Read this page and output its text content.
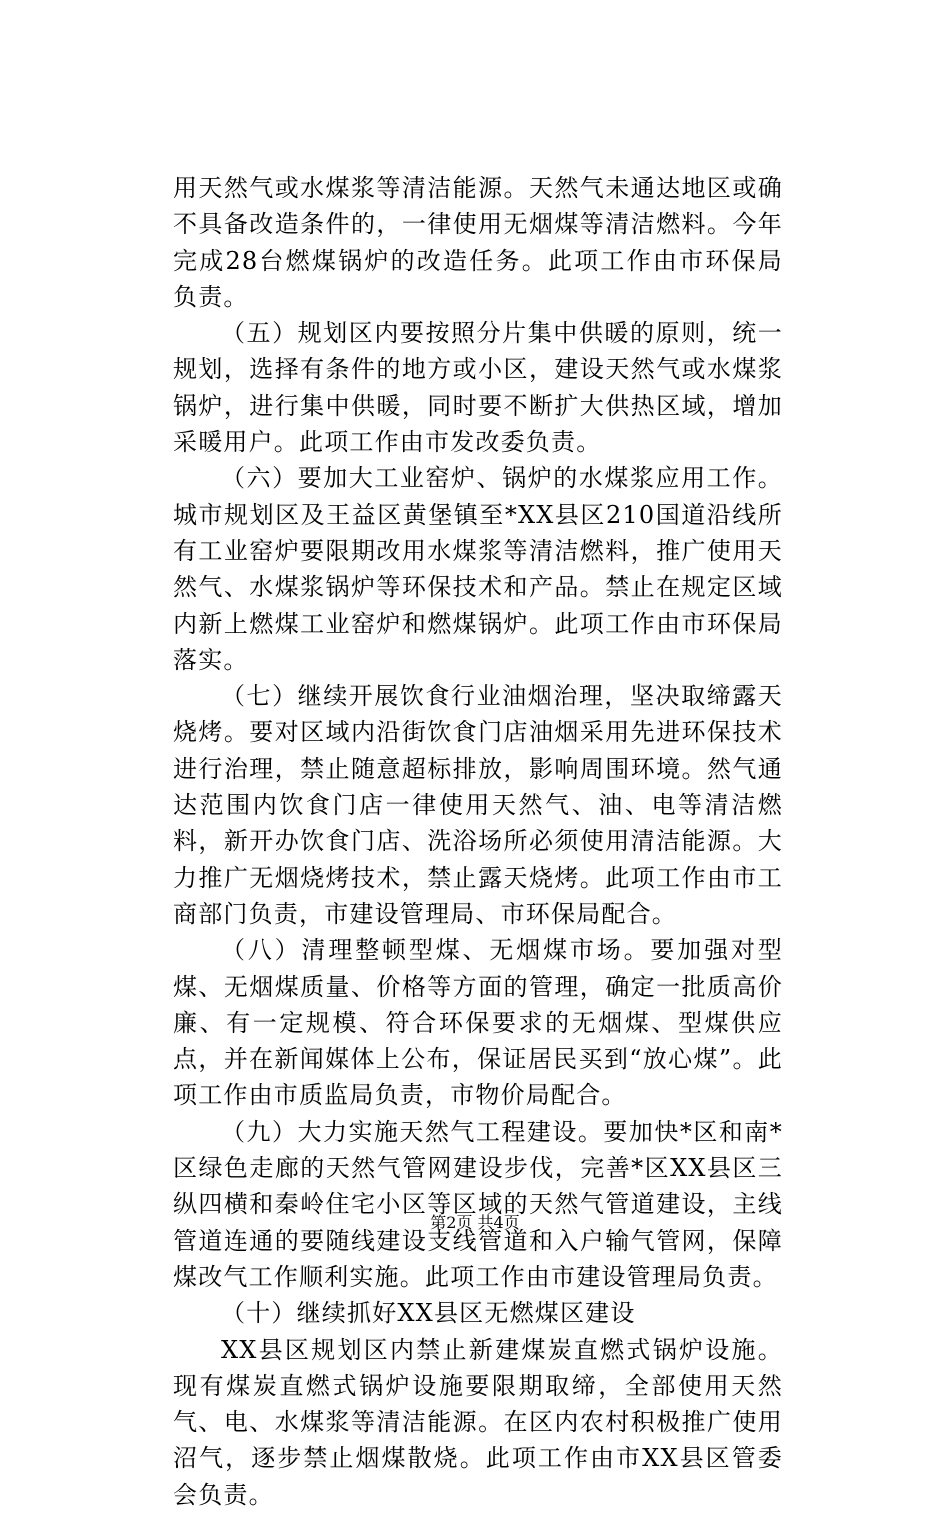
用天然气或水煤浆等清洁能源。天然气未通达地区或确不具备改造条件的，一律使用无烟煤等清洁燃料。今年完成28台燃煤锅炉的改造任务。此项工作由市环保局负责。

（五）规划区内要按照分片集中供暖的原则，统一规划，选择有条件的地方或小区，建设天然气或水煤浆锅炉，进行集中供暖，同时要不断扩大供热区域，增加采暖用户。此项工作由市发改委负责。

（六）要加大工业窑炉、锅炉的水煤浆应用工作。城市规划区及王益区黄堡镇至*XX县区210国道沿线所有工业窑炉要限期改用水煤浆等清洁燃料，推广使用天然气、水煤浆锅炉等环保技术和产品。禁止在规定区域内新上燃煤工业窑炉和燃煤锅炉。此项工作由市环保局落实。

（七）继续开展饮食行业油烟治理，坚决取缔露天烧烤。要对区域内沿街饮食门店油烟采用先进环保技术进行治理，禁止随意超标排放，影响周围环境。然气通达范围内饮食门店一律使用天然气、油、电等清洁燃料，新开办饮食门店、洗浴场所必须使用清洁能源。大力推广无烟烧烤技术，禁止露天烧烤。此项工作由市工商部门负责，市建设管理局、市环保局配合。

（八）清理整顿型煤、无烟煤市场。要加强对型煤、无烟煤质量、价格等方面的管理，确定一批质高价廉、有一定规模、符合环保要求的无烟煤、型煤供应点，并在新闻媒体上公布，保证居民买到“放心煤”。此项工作由市质监局负责，市物价局配合。

（九）大力实施天然气工程建设。要加快*区和南*区绿色走廊的天然气管网建设步伐，完善*区XX县区三纵四横和秦岭住宅小区等区域的天然气管道建设，主线管道连通的要随线建设支线管道和入户输气管网，保障煤改气工作顺利实施。此项工作由市建设管理局负责。

（十）继续抓好XX县区无燃煤区建设

XX县区规划区内禁止新建煤炭直燃式锅炉设施。现有煤炭直燃式锅炉设施要限期取缔，全部使用天然气、电、水煤浆等清洁能源。在区内农村积极推广使用沼气，逐步禁止烟煤散烧。此项工作由市XX县区管委会负责。

第2页 共4页
